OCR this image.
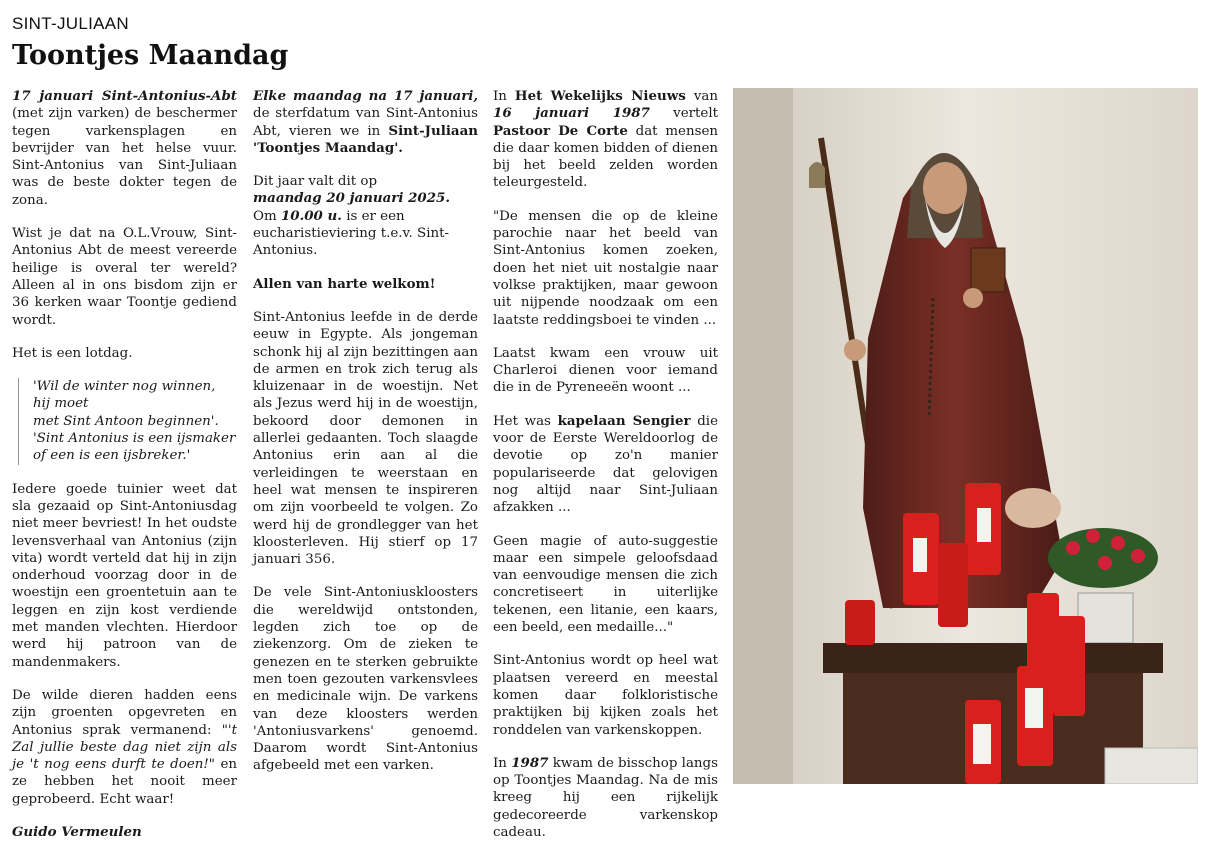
SINT-JULIAAN
Toontjes Maandag

17 januari Sint-Antonius-Abt (met zijn varken) de beschermer tegen varkensplagen en bevrijder van het helse vuur. Sint-Antonius van Sint-Juliaan was de beste dokter tegen de zona.

Wist je dat na O.L.Vrouw, Sint-Antonius Abt de meest vereerde heilige is overal ter wereld? Alleen al in ons bisdom zijn er 36 kerken waar Toontje gediend wordt.

Het is een lotdag.

'Wil de winter nog winnen,
hij moet
met Sint Antoon beginnen'.
'Sint Antonius is een ijsmaker
of een is een ijsbreker.'

Iedere goede tuinier weet dat sla gezaaid op Sint-Antoniusdag niet meer bevriest! In het oudste levensverhaal van Antonius (zijn vita) wordt verteld dat hij in zijn onderhoud voorzag door in de woestijn een groentetuin aan te leggen en zijn kost verdiende met manden vlechten. Hierdoor werd hij patroon van de mandenmakers.

De wilde dieren hadden eens zijn groenten opgevreten en Antonius sprak vermanend: "'t Zal jullie beste dag niet zijn als je 't nog eens durft te doen!" en ze hebben het nooit meer geprobeerd. Echt waar!

Guido Vermeulen

Elke maandag na 17 januari, de sterfdatum van Sint-Antonius Abt, vieren we in Sint-Juliaan 'Toontjes Maandag'.

Dit jaar valt dit op
maandag 20 januari 2025.
Om 10.00 u. is er een eucharistieviering t.e.v. Sint-Antonius.

Allen van harte welkom!

Sint-Antonius leefde in de derde eeuw in Egypte. Als jongeman schonk hij al zijn bezittingen aan de armen en trok zich terug als kluizenaar in de woestijn. Net als Jezus werd hij in de woestijn, bekoord door demonen in allerlei gedaanten. Toch slaagde Antonius erin aan al die verleidingen te weerstaan en heel wat mensen te inspireren om zijn voorbeeld te volgen. Zo werd hij de grondlegger van het kloosterleven. Hij stierf op 17 januari 356.

De vele Sint-Antoniuskloosters die wereldwijd ontstonden, legden zich toe op de ziekenzorg. Om de zieken te genezen en te sterken gebruikte men toen gezouten varkensvlees en medicinale wijn. De varkens van deze kloosters werden 'Antoniusvarkens' genoemd. Daarom wordt Sint-Antonius afgebeeld met een varken.

In Het Wekelijks Nieuws van 16 januari 1987 vertelt Pastoor De Corte dat mensen die daar komen bidden of dienen bij het beeld zelden worden teleurgesteld.

"De mensen die op de kleine parochie naar het beeld van Sint-Antonius komen zoeken, doen het niet uit nostalgie naar volkse praktijken, maar gewoon uit nijpende noodzaak om een laatste reddingsboei te vinden ...

Laatst kwam een vrouw uit Charleroi dienen voor iemand die in de Pyreneeën woont ...

Het was kapelaan Sengier die voor de Eerste Wereldoorlog de devotie op zo'n manier populariseerde dat gelovigen nog altijd naar Sint-Juliaan afzakken ...

Geen magie of auto-suggestie maar een simpele geloofsdaad van eenvoudige mensen die zich concretiseert in uiterlijke tekenen, een litanie, een kaars, een beeld, een medaille..."

Sint-Antonius wordt op heel wat plaatsen vereerd en meestal komen daar folkloristische praktijken bij kijken zoals het ronddelen van varkenskoppen.

In 1987 kwam de bisschop langs op Toontjes Maandag. Na de mis kreeg hij een rijkelijk gedecoreerde varkenskop cadeau.
